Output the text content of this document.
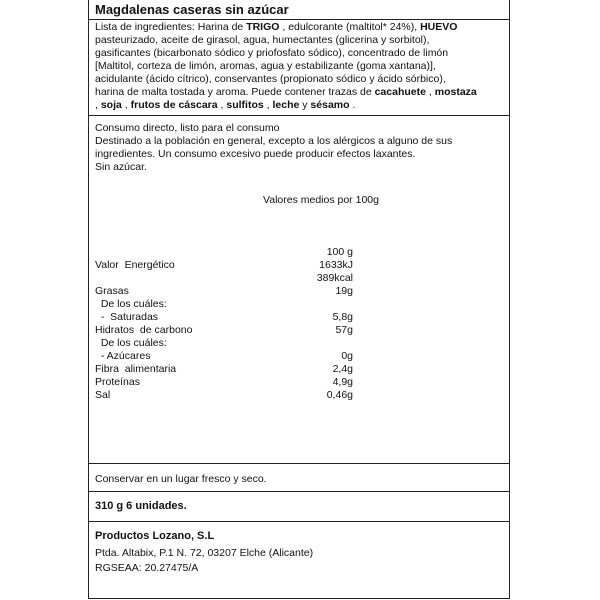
Magdalenas caseras sin azúcar
Lista de ingredientes: Harina de TRIGO , edulcorante (maltitol* 24%), HUEVO
pasteurizado, aceite de girasol, agua, humectantes (glicerina y sorbitol),
gasificantes (bicarbonato sódico y priofosfato sódico), concentrado de limón
[Maltitol, corteza de limón, aromas, agua y estabilizante (goma xantana)],
acidulante (ácido cítrico), conservantes (propionato sódico y ácido sórbico),
harina de malta tostada y aroma. Puede contener trazas de cacahuete , mostaza
, soja , frutos de cáscara , sulfitos , leche y sésamo .
Consumo directo, listo para el consumo
Destinado a la población en general, excepto a los alérgicos a alguno de sus
ingredientes. Un consumo excesivo puede producir efectos laxantes.
Sin azúcar.
Valores medios por 100g
100 g
Valor  Energético	1633kJ
389kcal
Grasas	19g
De los cuáles:
-  Saturadas	5,8g
Hidratos  de carbono	57g
De los cuáles:
- Azúcares	0g
Fibra  alimentaria	2,4g
Proteínas	4,9g
Sal	0,46g
Conservar en un lugar fresco y seco.
310 g 6 unidades.
Productos Lozano, S.L
Ptda. Altabix, P.1 N. 72, 03207 Elche (Alicante)
RGSEAA: 20.27475/A
